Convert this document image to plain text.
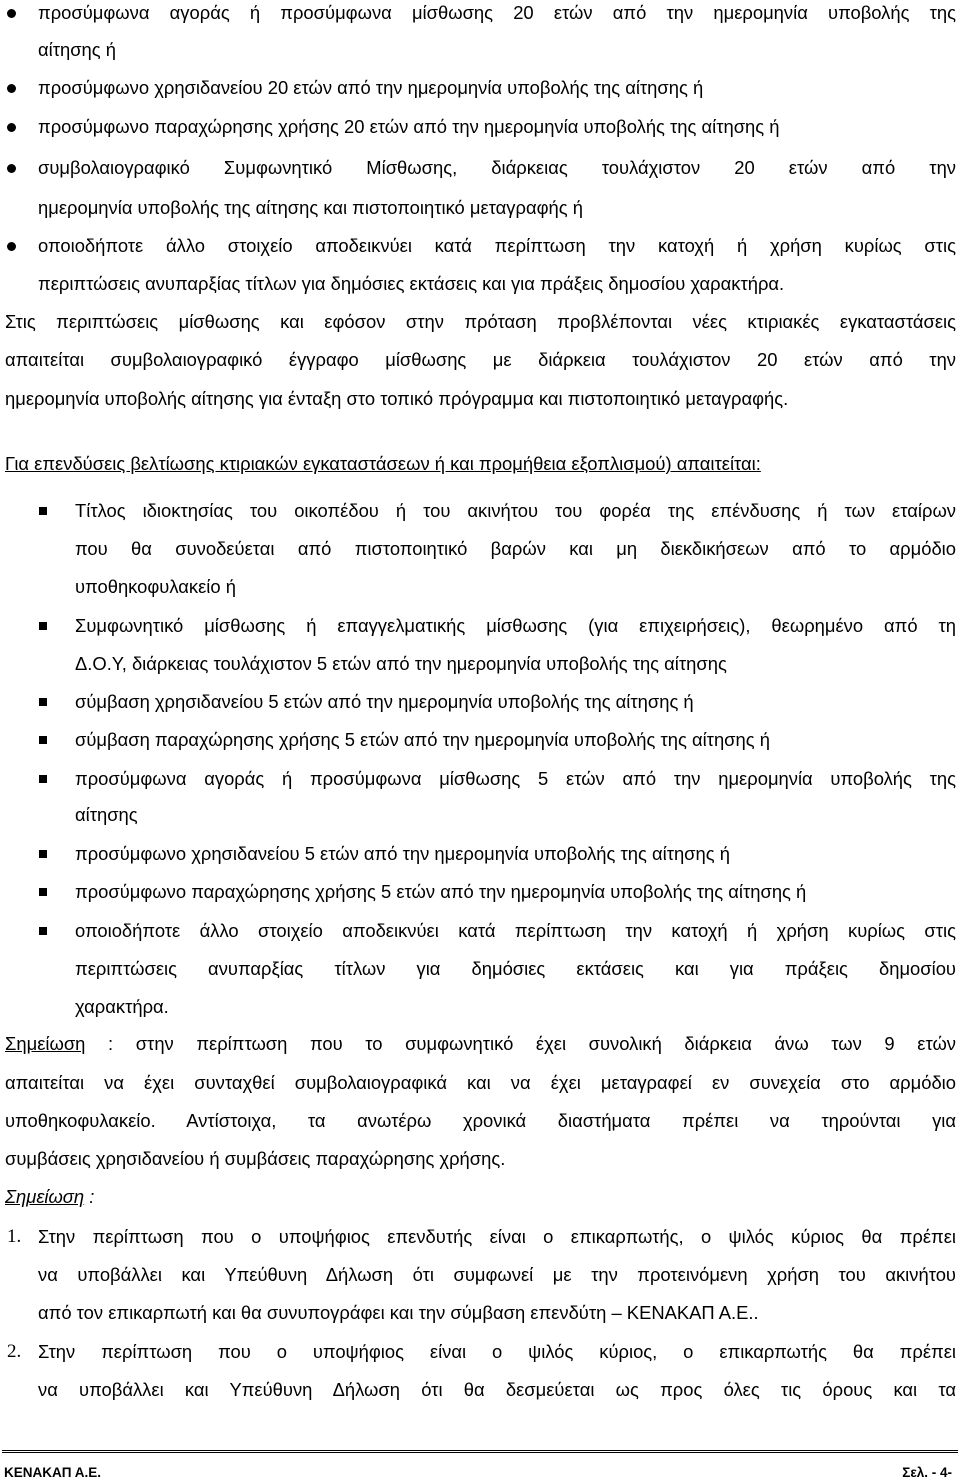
προσύμφωνα αγοράς ή προσύμφωνα μίσθωσης 20 ετών από την ημερομηνία υποβολής της
αίτησης ή
προσύμφωνο χρησιδανείου 20 ετών από την ημερομηνία υποβολής της αίτησης ή
προσύμφωνο παραχώρησης χρήσης 20 ετών από την ημερομηνία υποβολής της αίτησης ή
συμβολαιογραφικό Συμφωνητικό Μίσθωσης, διάρκειας τουλάχιστον 20 ετών από την
ημερομηνία υποβολής της αίτησης και πιστοποιητικό μεταγραφής ή
οποιοδήποτε άλλο στοιχείο αποδεικνύει κατά περίπτωση την κατοχή ή χρήση κυρίως στις
περιπτώσεις ανυπαρξίας τίτλων για δημόσιες εκτάσεις και για πράξεις δημοσίου χαρακτήρα.
Στις περιπτώσεις μίσθωσης και εφόσον στην πρόταση προβλέπονται νέες κτιριακές εγκαταστάσεις
απαιτείται συμβολαιογραφικό έγγραφο μίσθωσης με διάρκεια τουλάχιστον 20 ετών από την
ημερομηνία υποβολής αίτησης για ένταξη στο τοπικό πρόγραμμα και πιστοποιητικό μεταγραφής.
Για επενδύσεις βελτίωσης κτιριακών εγκαταστάσεων ή και προμήθεια εξοπλισμού) απαιτείται:
Τίτλος ιδιοκτησίας του οικοπέδου ή του ακινήτου του φορέα της επένδυσης ή των εταίρων
που θα συνοδεύεται από πιστοποιητικό βαρών και μη διεκδικήσεων από το αρμόδιο
υποθηκοφυλακείο ή
Συμφωνητικό μίσθωσης ή επαγγελματικής μίσθωσης (για επιχειρήσεις), θεωρημένο από τη
Δ.Ο.Υ, διάρκειας τουλάχιστον 5 ετών από την ημερομηνία υποβολής της αίτησης
σύμβαση χρησιδανείου 5 ετών από την ημερομηνία υποβολής της αίτησης ή
σύμβαση παραχώρησης χρήσης 5 ετών από την ημερομηνία υποβολής της αίτησης ή
προσύμφωνα αγοράς ή προσύμφωνα μίσθωσης 5 ετών από την ημερομηνία υποβολής της
αίτησης
προσύμφωνο χρησιδανείου 5 ετών από την ημερομηνία υποβολής της αίτησης ή
προσύμφωνο παραχώρησης χρήσης 5 ετών από την ημερομηνία υποβολής της αίτησης ή
οποιοδήποτε άλλο στοιχείο αποδεικνύει κατά περίπτωση την κατοχή ή χρήση κυρίως στις
περιπτώσεις ανυπαρξίας τίτλων για δημόσιες εκτάσεις και για πράξεις δημοσίου
χαρακτήρα.
Σημείωση : στην περίπτωση που το συμφωνητικό έχει συνολική διάρκεια άνω των 9 ετών
απαιτείται να έχει συνταχθεί συμβολαιογραφικά και να έχει μεταγραφεί εν συνεχεία στο αρμόδιο
υποθηκοφυλακείο. Αντίστοιχα, τα ανωτέρω χρονικά διαστήματα πρέπει να τηρούνται για
συμβάσεις χρησιδανείου ή συμβάσεις παραχώρησης χρήσης.
Σημείωση :
1. Στην περίπτωση που ο υποψήφιος επενδυτής είναι ο επικαρπωτής, ο ψιλός κύριος θα πρέπει
να υποβάλλει και Υπεύθυνη Δήλωση ότι συμφωνεί με την προτεινόμενη χρήση του ακινήτου
από τον επικαρπωτή και θα συνυπογράφει και την σύμβαση επενδύτη – ΚΕΝΑΚΑΠ Α.Ε..
2. Στην περίπτωση που ο υποψήφιος είναι ο ψιλός κύριος, ο επικαρπωτής θα πρέπει
να υποβάλλει και Υπεύθυνη Δήλωση ότι θα δεσμεύεται ως προς όλες τις όρους και τα
ΚΕΝΑΚΑΠ Α.Ε.	Σελ. - 4-
